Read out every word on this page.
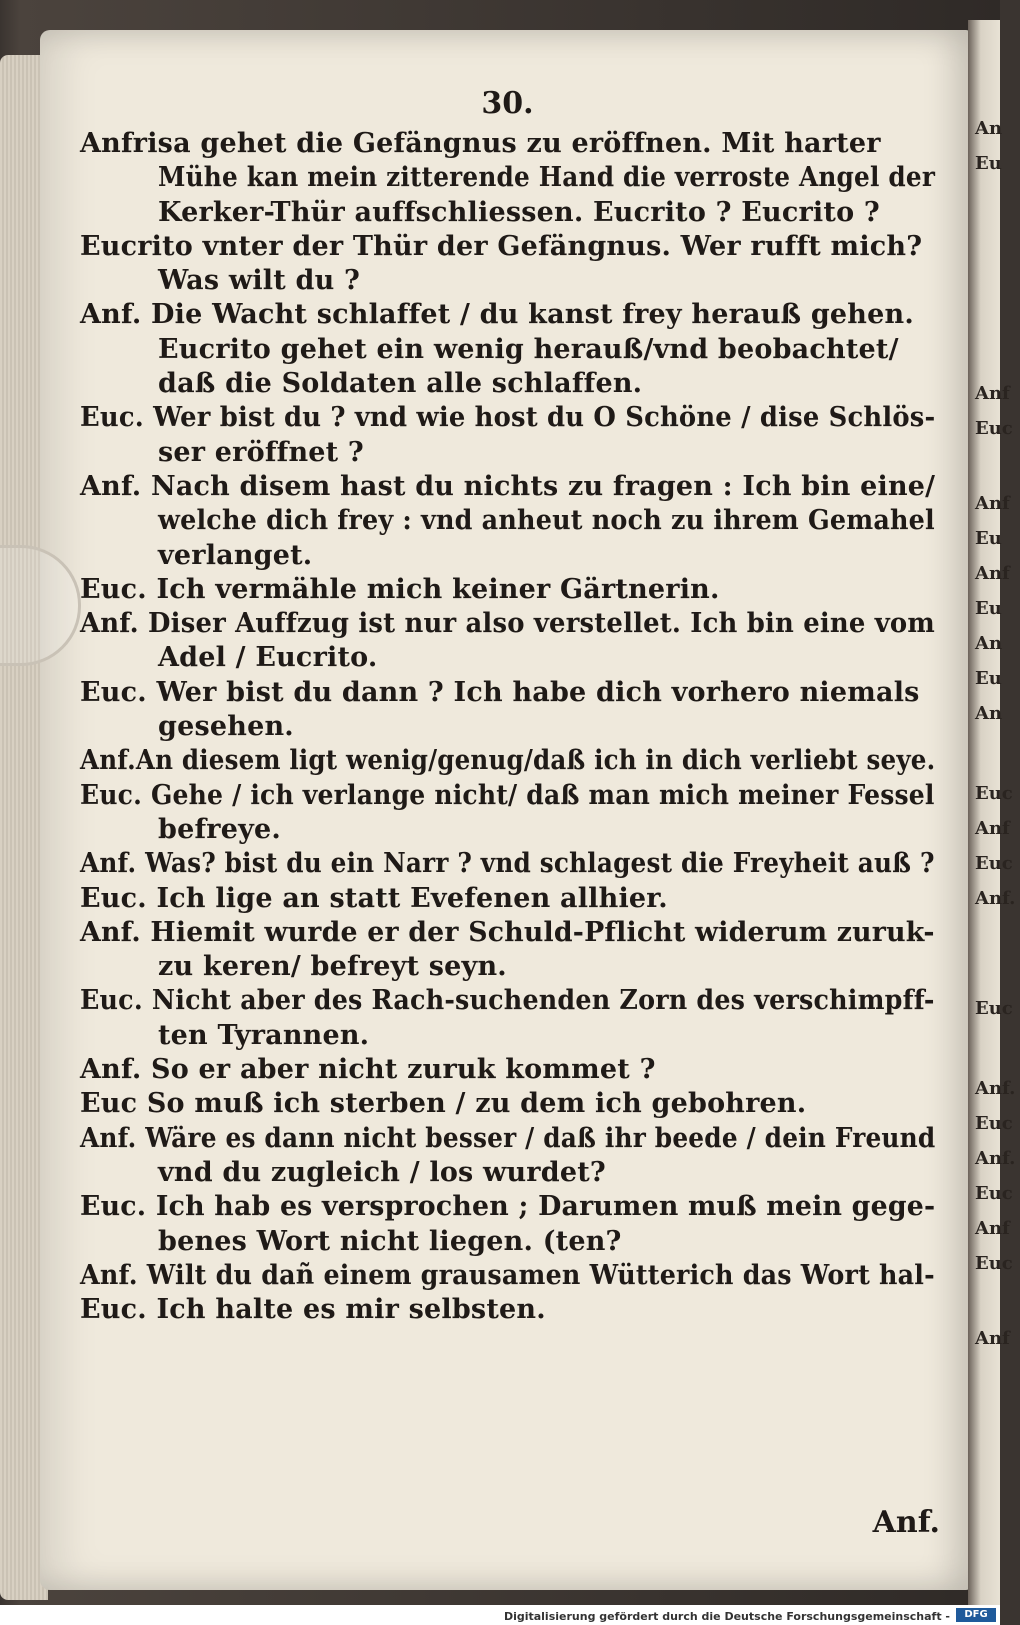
An
Eu
Anf
Euc
Anf
Eu
Anf
Eu
An
Eu
An
Euc
Anf
Euc
Anf.
Euc
Anf.
Euc
Anf.
Euc
Anf
Euc
Anf
30.
Anfrisa gehet die Gefängnus zu eröffnen. Mit harter
Mühe kan mein zitterende Hand die verroste Angel der
Kerker-Thür auffschliessen. Eucrito ? Eucrito ?
Eucrito vnter der Thür der Gefängnus. Wer rufft mich?
Was wilt du ?
Anf. Die Wacht schlaffet / du kanst frey herauß gehen.
Eucrito gehet ein wenig herauß/vnd beobachtet/
daß die Soldaten alle schlaffen.
Euc. Wer bist du ? vnd wie host du O Schöne / dise Schlös-
ser eröffnet ?
Anf. Nach disem hast du nichts zu fragen : Ich bin eine/
welche dich frey : vnd anheut noch zu ihrem Gemahel
verlanget.
Euc. Ich vermähle mich keiner Gärtnerin.
Anf. Diser Auffzug ist nur also verstellet. Ich bin eine vom
Adel / Eucrito.
Euc. Wer bist du dann ? Ich habe dich vorhero niemals
gesehen.
Anf.An diesem ligt wenig/genug/daß ich in dich verliebt seye.
Euc. Gehe / ich verlange nicht/ daß man mich meiner Fessel
befreye.
Anf. Was? bist du ein Narr ? vnd schlagest die Freyheit auß ?
Euc. Ich lige an statt Evefenen allhier.
Anf. Hiemit wurde er der Schuld-Pflicht widerum zuruk-
zu keren/ befreyt seyn.
Euc. Nicht aber des Rach-suchenden Zorn des verschimpff-
ten Tyrannen.
Anf. So er aber nicht zuruk kommet ?
Euc So muß ich sterben / zu dem ich gebohren.
Anf. Wäre es dann nicht besser / daß ihr beede / dein Freund
vnd du zugleich / los wurdet?
Euc. Ich hab es versprochen ; Darumen muß mein gege-
benes Wort nicht liegen. (ten?
Anf. Wilt du dañ einem grausamen Wütterich das Wort hal-
Euc. Ich halte es mir selbsten.
Anf.
Digitalisierung gefördert durch die Deutsche Forschungsgemeinschaft -	DFG
